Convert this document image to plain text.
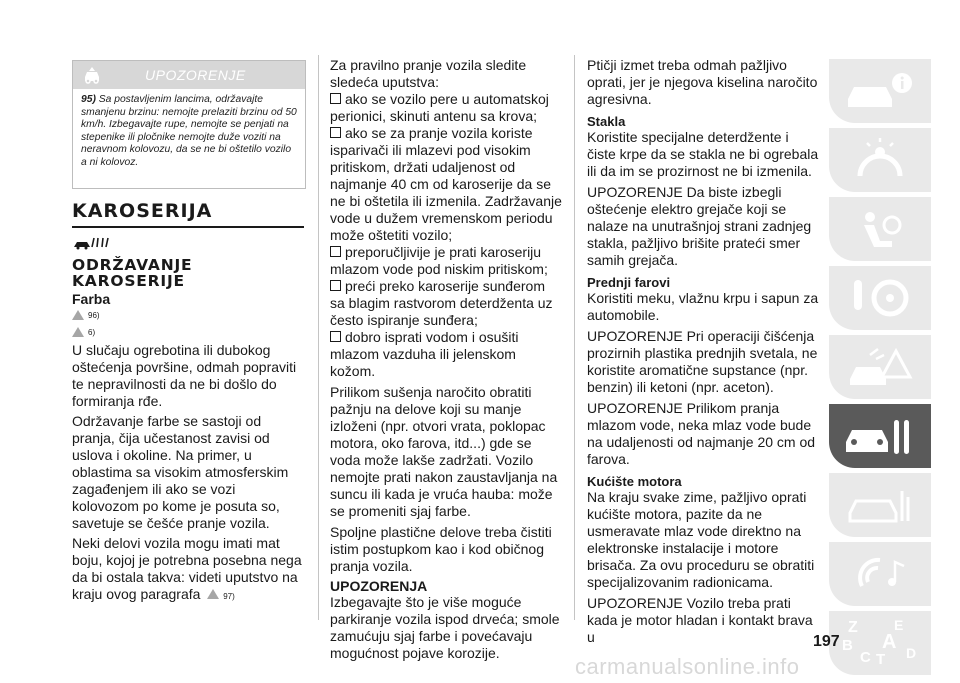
UPOZORENJE
95) Sa postavljenim lancima, održavajte smanjenu brzinu: nemojte prelaziti brzinu od 50 km/h. Izbegavajte rupe, nemojte se penjati na stepenike ili pločnike nemojte duže voziti na neravnom kolovozu, da se ne bi oštetilo vozilo a ni kolovoz.
KAROSERIJA
ODRŽAVANJE
KAROSERIJE
Farba
96)
6)

U slučaju ogrebotina ili dubokog oštećenja površine, odmah popraviti te nepravilnosti da ne bi došlo do formiranja rđe.

Održavanje farbe se sastoji od pranja, čija učestanost zavisi od uslova i okoline. Na primer, u oblastima sa visokim atmosferskim zagađenjem ili ako se vozi kolovozom po kome je posuta so, savetuje se češće pranje vozila.

Neki delovi vozila mogu imati mat boju, kojoj je potrebna posebna nega da bi ostala takva: videti uputstvo na kraju ovog paragrafa	97)

Za pravilno pranje vozila sledite sledeća uputstva:

ako se vozilo pere u automatskoj perionici, skinuti antenu sa krova;

ako se za pranje vozila koriste isparivači ili mlazevi pod visokim pritiskom, držati udaljenost od najmanje 40 cm od karoserije da se ne bi oštetila ili izmenila. Zadržavanje vode u dužem vremenskom periodu može oštetiti vozilo;

preporučljivije je prati karoseriju mlazom vode pod niskim pritiskom;

preći preko karoserije sunđerom sa blagim rastvorom deterdženta uz često ispiranje sunđera;

dobro isprati vodom i osušiti mlazom vazduha ili jelenskom kožom.

Prilikom sušenja naročito obratiti pažnju na delove koji su manje izloženi (npr. otvori vrata, poklopac motora, oko farova, itd...) gde se voda može lakše zadržati. Vozilo nemojte prati nakon zaustavljanja na suncu ili kada je vruća hauba: može se promeniti sjaj farbe.

Spoljne plastične delove treba čistiti istim postupkom kao i kod običnog pranja vozila.

UPOZORENJA

Izbegavajte što je više moguće parkiranje vozila ispod drveća; smole zamućuju sjaj farbe i povećavaju mogućnost pojave korozije.

Ptičji izmet treba odmah pažljivo oprati, jer je njegova kiselina naročito agresivna.

Stakla

Koristite specijalne deterdžente i čiste krpe da se stakla ne bi ogrebala ili da im se prozirnost ne bi izmenila.

UPOZORENJE Da biste izbegli oštećenje elektro grejače koji se nalaze na unutrašnjoj strani zadnjeg stakla, pažljivo brišite prateći smer samih grejača.

Prednji farovi

Koristiti meku, vlažnu krpu i sapun za automobile.

UPOZORENJE Pri operaciji čišćenja prozirnih plastika prednjih svetala, ne koristite aromatične supstance (npr. benzin) ili ketoni (npr. aceton).

UPOZORENJE Prilikom pranja mlazom vode, neka mlaz vode bude na udaljenosti od najmanje 20 cm od farova.

Kućište motora

Na kraju svake zime, pažljivo oprati kućište motora, pazite da ne usmeravate mlaz vode direktno na elektronske instalacije i motore brisača. Za ovu proceduru se obratiti specijalizovanim radionicama.

UPOZORENJE Vozilo treba prati kada je motor hladan i kontakt brava u

Z	E
A
B
C	D
T
197
carmanualsonline.info
